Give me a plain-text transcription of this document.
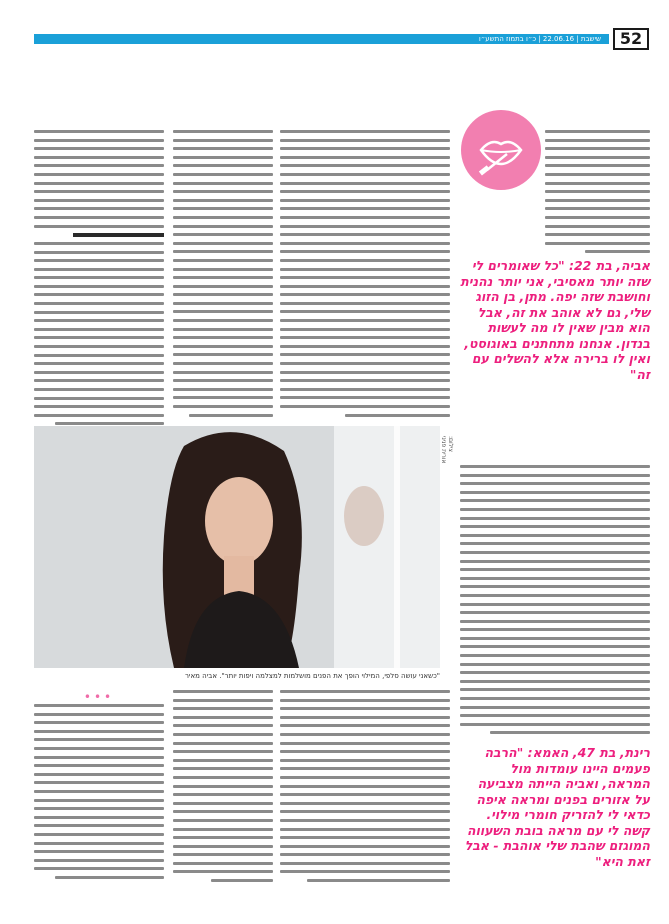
שישבת | 22.06.16 | כ״ו בתמוז התשע״ו	52
אביה, בת 22: "כל שאומרים לי שזה יותר מאסיבי, אני יותר נהנית וחושבת שזה יפה. מתן, בן הזוג שלי, גם לא אוהב את זה, אבל הוא מבין שאין לו מה לעשות בנדון. אנחנו מתחתנים באוגוסט, ואין לו ברירה אלא להשלים עם זה"
צילום: אורית פניני
"כשאני עושה סלפי, המילוי הופך את הפנים מושלמות למצלמה ויפות יותר". אביה מאיר
•••
רינת, בת 47, האמא: "הרבה פעמים היינו עומדות מול המראה, ואביה הייתה מצביעה על אזורים בפנים ומראה איפה כדאי לי להזריק חומרי מילוי. קשה לי עם מראה בובת השעווה המוגזם שהבת שלי אוהבת - אבל זאת היא"
